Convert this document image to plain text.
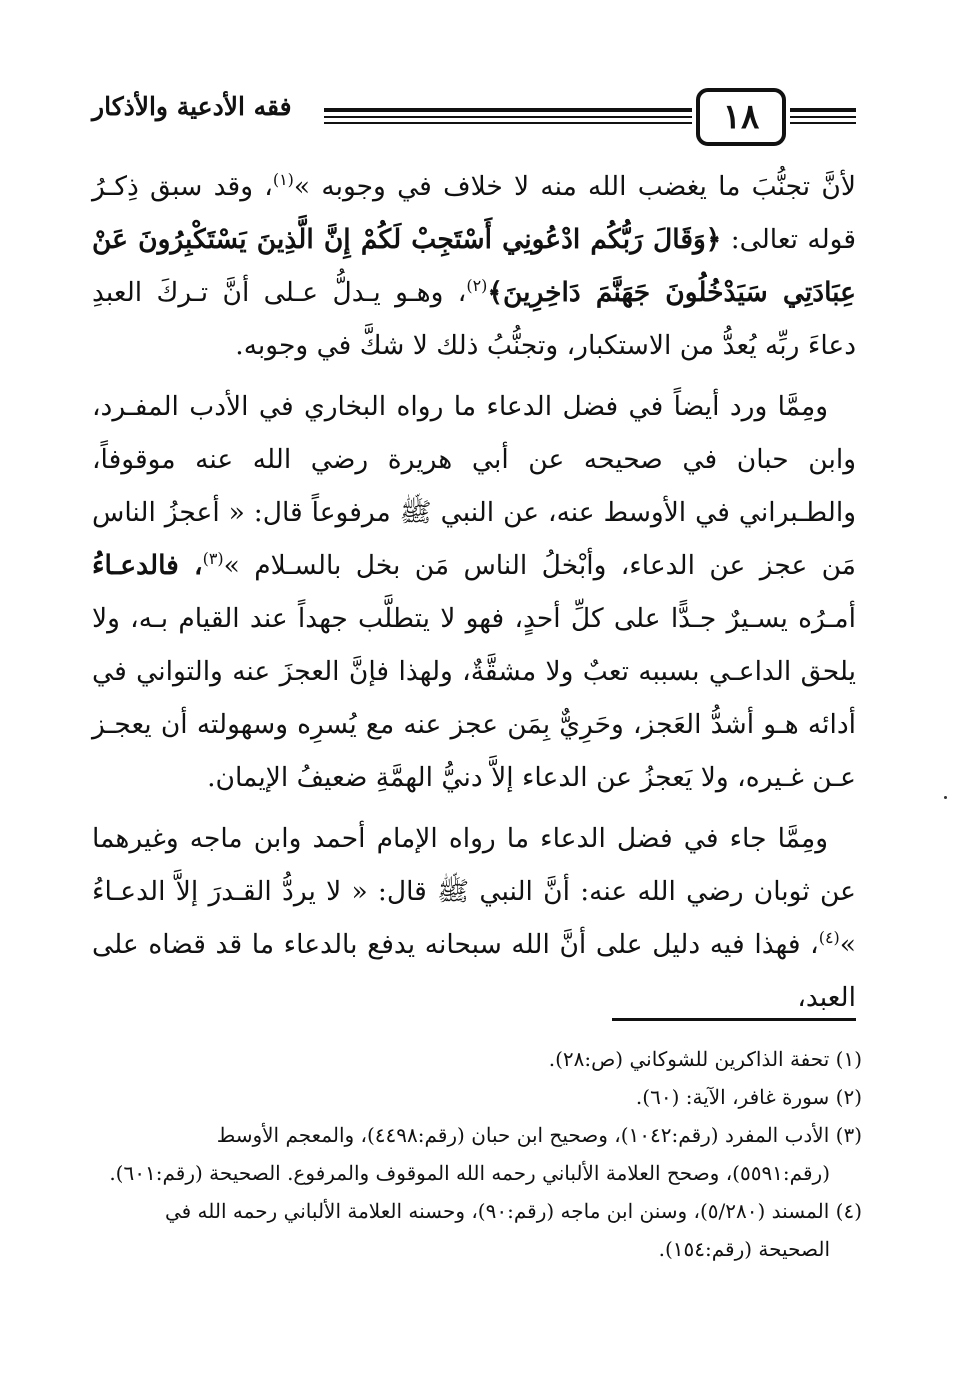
١٨
فقه الأدعية والأذكار

لأنَّ تجنُّبَ ما يغضب الله منه لا خلاف في وجوبه »$^{(١)}$، وقد سبق ذِكـرُ قوله تعالى: ﴿وَقَالَ رَبُّكُم ادْعُونِي أَسْتَجِبْ لَكُمْ إِنَّ الَّذِينَ يَسْتَكْبِرُونَ عَنْ عِبَادَتِي سَيَدْخُلُونَ جَهَنَّمَ دَاخِرِينَ﴾$^{(٢)}$، وهـو يـدلُّ عـلى أنَّ تـركَ العبدِ دعاءَ ربِّه يُعدُّ من الاستكبار، وتجنُّبُ ذلك لا شكَّ في وجوبه.

ومِمَّا ورد أيضاً في فضل الدعاء ما رواه البخاري في الأدب المفـرد، وابن حبان في صحيحه عن أبي هريرة رضي الله عنه موقوفاً، والطـبراني في الأوسط عنه، عن النبي ﷺ مرفوعاً قال: « أعجزُ الناس مَن عجز عن الدعاء، وأبْخلُ الناس مَن بخل بالسـلام »$^{(٣)}$، فالدعـاءُ أمـرُه يسـيرٌ جـدًّا على كلِّ أحدٍ، فهو لا يتطلَّب جهداً عند القيام بـه، ولا يلحق الداعـي بسببه تعبٌ ولا مشقَّةٌ، ولهذا فإنَّ العجزَ عنه والتواني في أدائه هـو أشدُّ العَجز، وحَرِيٌّ بِمَن عجز عنه مع يُسرِه وسهولته أن يعجـز عـن غـيره، ولا يَعجزُ عن الدعاء إلاَّ دنيُّ الهمَّةِ ضعيفُ الإيمان.

ومِمَّا جاء في فضل الدعاء ما رواه الإمام أحمد وابن ماجه وغيرهما عن ثوبان رضي الله عنه: أنَّ النبي ﷺ قال: « لا يردُّ القـدرَ إلاَّ الدعـاءُ »$^{(٤)}$، فهذا فيه دليل على أنَّ الله سبحانه يدفع بالدعاء ما قد قضاه على العبد،

(١) تحفة الذاكرين للشوكاني (ص:٢٨).

(٢) سورة غافر، الآية: (٦٠).

(٣) الأدب المفرد (رقم:١٠٤٢)، وصحيح ابن حبان (رقم:٤٤٩٨)، والمعجم الأوسط

(رقم:٥٥٩١)، وصحح العلامة الألباني رحمه الله الموقوف والمرفوع. الصحيحة (رقم:٦٠١).

(٤) المسند (٥/٢٨٠)، وسنن ابن ماجه (رقم:٩٠)، وحسنه العلامة الألباني رحمه الله في

الصحيحة (رقم:١٥٤).
